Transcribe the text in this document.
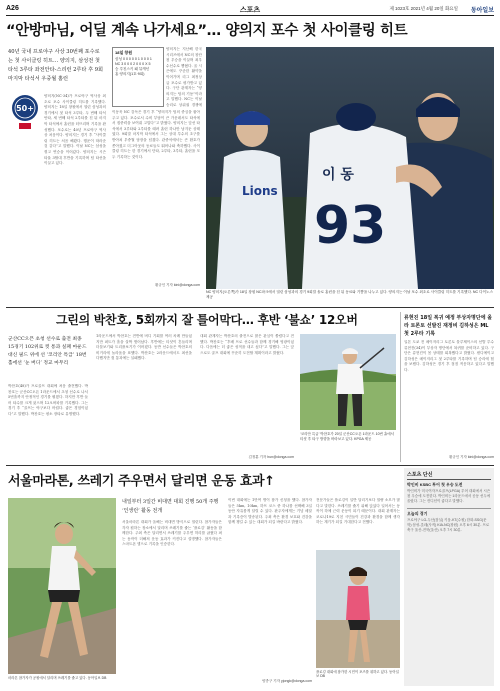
A26	스포츠	제 1023호 2021년 4월 20일 화요일 동아일보
“안방마님, 어딜 계속 나가세요”… 양의지 포수 첫 사이클링 히트
40년 국내 프로야구 사상 30번째 포수로는 첫 사이클링 히트… 양의지, 삼성전 첫 타석 3루타 좌전안타-스리런 2루타 후 9회 마지막 타석서 우중월 홈런
50+
양의지(NC·34)가 프로야구 역사상 최초로 포수 사이클링 히트를 기록했다. 양의지는 18일 창원에서 열린 삼성과의 경기에서 첫 타석 3루타, 두 번째 타석 안타, 세 번째 타석 2루타를 친 뒤 마지막 타석에서 홈런을 터뜨리며 기록을 완성했다. 포수로는 40년 프로야구 역사상 처음이다. 양의지는 경기 후 “사이클링 히트는 처음 해봤다. 행운이 따라준 것 같다”고 말했다. 이날 NC는 삼성을 꺾고 연승을 이어갔다. 양의지는 시즌 타율 3할대 후반을 기록하며 팀 타선을 이끌고 있다.
이동욱 NC 감독은 경기 후 “양의지가 팀의 중심을 잡아주고 있다. 포수로서 수비 부담이 큰 가운데서도 타석에서 집중력을 보여줘 고맙다”고 밝혔다. 양의지는 앞선 타석에서 3루타와 2루타를 때려 홈런 하나만 남겨둔 상태였다. 9회말 마지막 타석에서 그는 상대 투수의 초구를 받아쳐 우중월 담장을 넘겼다. 관중석에서는 큰 환호가 쏟아졌고 더그아웃의 동료들도 뛰어나와 축하했다. 사이클링 히트는 한 경기에서 단타, 2루타, 3루타, 홈런을 모두 기록하는 것이다.
황규인 기자 kini@donga.com
18일 창원
삼성 0 0 0 0 0 1 0 0 0 1
NC 3 0 0 0 2 0 0 0 X 5
승 루친스키 패 뷰캐넌
홈 양의지(1호·9회)
양의지는 지난해 한국시리즈에서 NC의 창단 첫 우승을 이끌며 최우수선수로 뽑혔다. 올 시즌에도 꾸준한 활약을 이어가며 리그 최정상급 포수로 평가받고 있다. 구단 관계자는 “양의지는 팀의 기둥”이라고 말했다. NC는 이날 승리로 상위권 경쟁에
Lions
이 동
93
NC 양의지(오른쪽)가 18일 창원 NC파크에서 열린 삼성과의 경기 9회말 솔로 홈런을 친 뒤 동료와 기쁨을 나누고 있다. 양의지는 이날 포수 최초로 사이클링 히트를 기록했다. NC 다이노스 제공
그린의 박찬호, 5회까지 잘 틀어막다… 후반 ‘불쇼’ 12오버
군산CC오픈 초청 선수로 출전 최종 15경기 102위로 컷 통과 실패 마운드 대신 필드 위에 선 ‘코리안 특급’ 18번홀에선 ‘눈 버디’ 정교 마무리
박찬호(48)가 프로골프 대회에 처음 출전했다. 박찬호는 군산CC오픈 1라운드에서 초청 선수로 나서 5번홀까지 안정적인 경기를 펼쳤다. 하지만 후반 들어 타수를 크게 잃으며 12오버파를 기록했다. 그는 경기 후 “골프는 야구보다 어렵다. 좋은 경험이었다”고 말했다. 박찬호는 평소 장타로 유명했다.
1라운드에서 박찬호는 전반에 버디 기회를 여러 차례 만들었지만 퍼트가 홀을 살짝 벗어났다. 후반에는 티샷이 흔들리며 더블보기와 트리플보기가 이어졌다. 동반 선수들은 박찬호의 비거리에 놀라움을 표했다. 박찬호는 2라운드에서도 최선을 다했지만 컷 통과에는 실패했다.
대회 관계자는 박찬호의 출전으로 많은 관심이 쏠렸다고 전했다. 박찬호는 “후배 프로 선수들과 함께 경기해 영광이었다. 다음에는 더 좋은 성적을 내고 싶다”고 말했다. 그는 앞으로도 골프 대회에 꾸준히 도전할 계획이라고 밝혔다.
김정훈 기자 hun@donga.com
‘코리안 특급’ 박찬호가 20일 군산CC오픈 1라운드 10번 홀에서 티샷 후 타구 방향을 바라보고 있다. KPGA 제공
류현진 18일 복귀 예정 부상자명단에 올라 토론토 선발진 재정비 김하성은 ML 첫 2루타 기록
일본 도쿄 전 메이저리그 토론토 블루제이스의 선발 투수 류현진(34)이 부상자 명단에서 복귀를 준비하고 있다. 구단은 류현진이 몸 상태를 회복했다고 밝혔다. 샌디에이고 김하성은 메이저리그 첫 2루타를 기록하며 팀 승리에 힘을 보탰다. 김하성은 경기 후 점점 적응하고 있다고 말했다.
황규인 기자 kini@donga.com
서울마라톤, 쓰레기 주우면서 달리면 운동 효과↑
마라톤 참가자가 공원에서 달리며 쓰레기를 줍고 있다. 동아일보 DB
내일부터 3일간 비대면 대회 진행 50개 주행 ‘인생런’ 활동 전개
서울마라톤 대회가 올해는 비대면 방식으로 열린다. 참가자들은 각자 원하는 장소에서 달리며 쓰레기를 줍는 ‘플로깅’ 활동을 함께한다. 주최 측은 달리면서 쓰레기를 주우면 허리를 굽혔다 펴는 동작이 더해져 운동 효과가 커진다고 설명했다. 참가자들은 스마트폰 앱으로 기록을 인증한다.
이번 대회에는 1만여 명이 참가 신청을 했다. 참가자들은 5km, 10km, 하프 코스 중 하나를 선택해 3일 동안 자유롭게 달릴 수 있다. 완주자에게는 기념 메달과 기록증이 발송된다. 주최 측은 환경 보호와 건강을 함께 챙길 수 있는 대회가 되길 바란다고 밝혔다.
전문가들은 플로깅이 일반 달리기보다 열량 소모가 많다고 말한다. 쓰레기를 줍기 위해 앉았다 일어서는 동작이 하체 근력 운동이 되기 때문이다. 대회 관계자는 코로나19로 지친 시민들이 건강과 환경을 함께 생각하는 계기가 되길 기대한다고 전했다.
양종구 기자 yjongk@donga.com
플로깅 대회에 참가한 시민이 포즈를 취하고 있다. 동아일보 DB
스포츠 단신
박인비 KSBC 투어 첫 우승 도전
박인비가 미국여자프로골프(LPGA) 투어 대회에서 시즌 첫 우승에 도전한다. 박인비는 1라운드에서 공동 선두에 올랐다. 그는 컨디션이 좋다고 말했다.
오늘의 경기
프로야구 LG-두산(잠실) 키움-KT(수원) 한화-SSG(문학) 삼성-롯데(사직) KIA-NC(창원) 오후 6시 30분. 프로축구 울산-전북(울산) 오후 7시 30분.
